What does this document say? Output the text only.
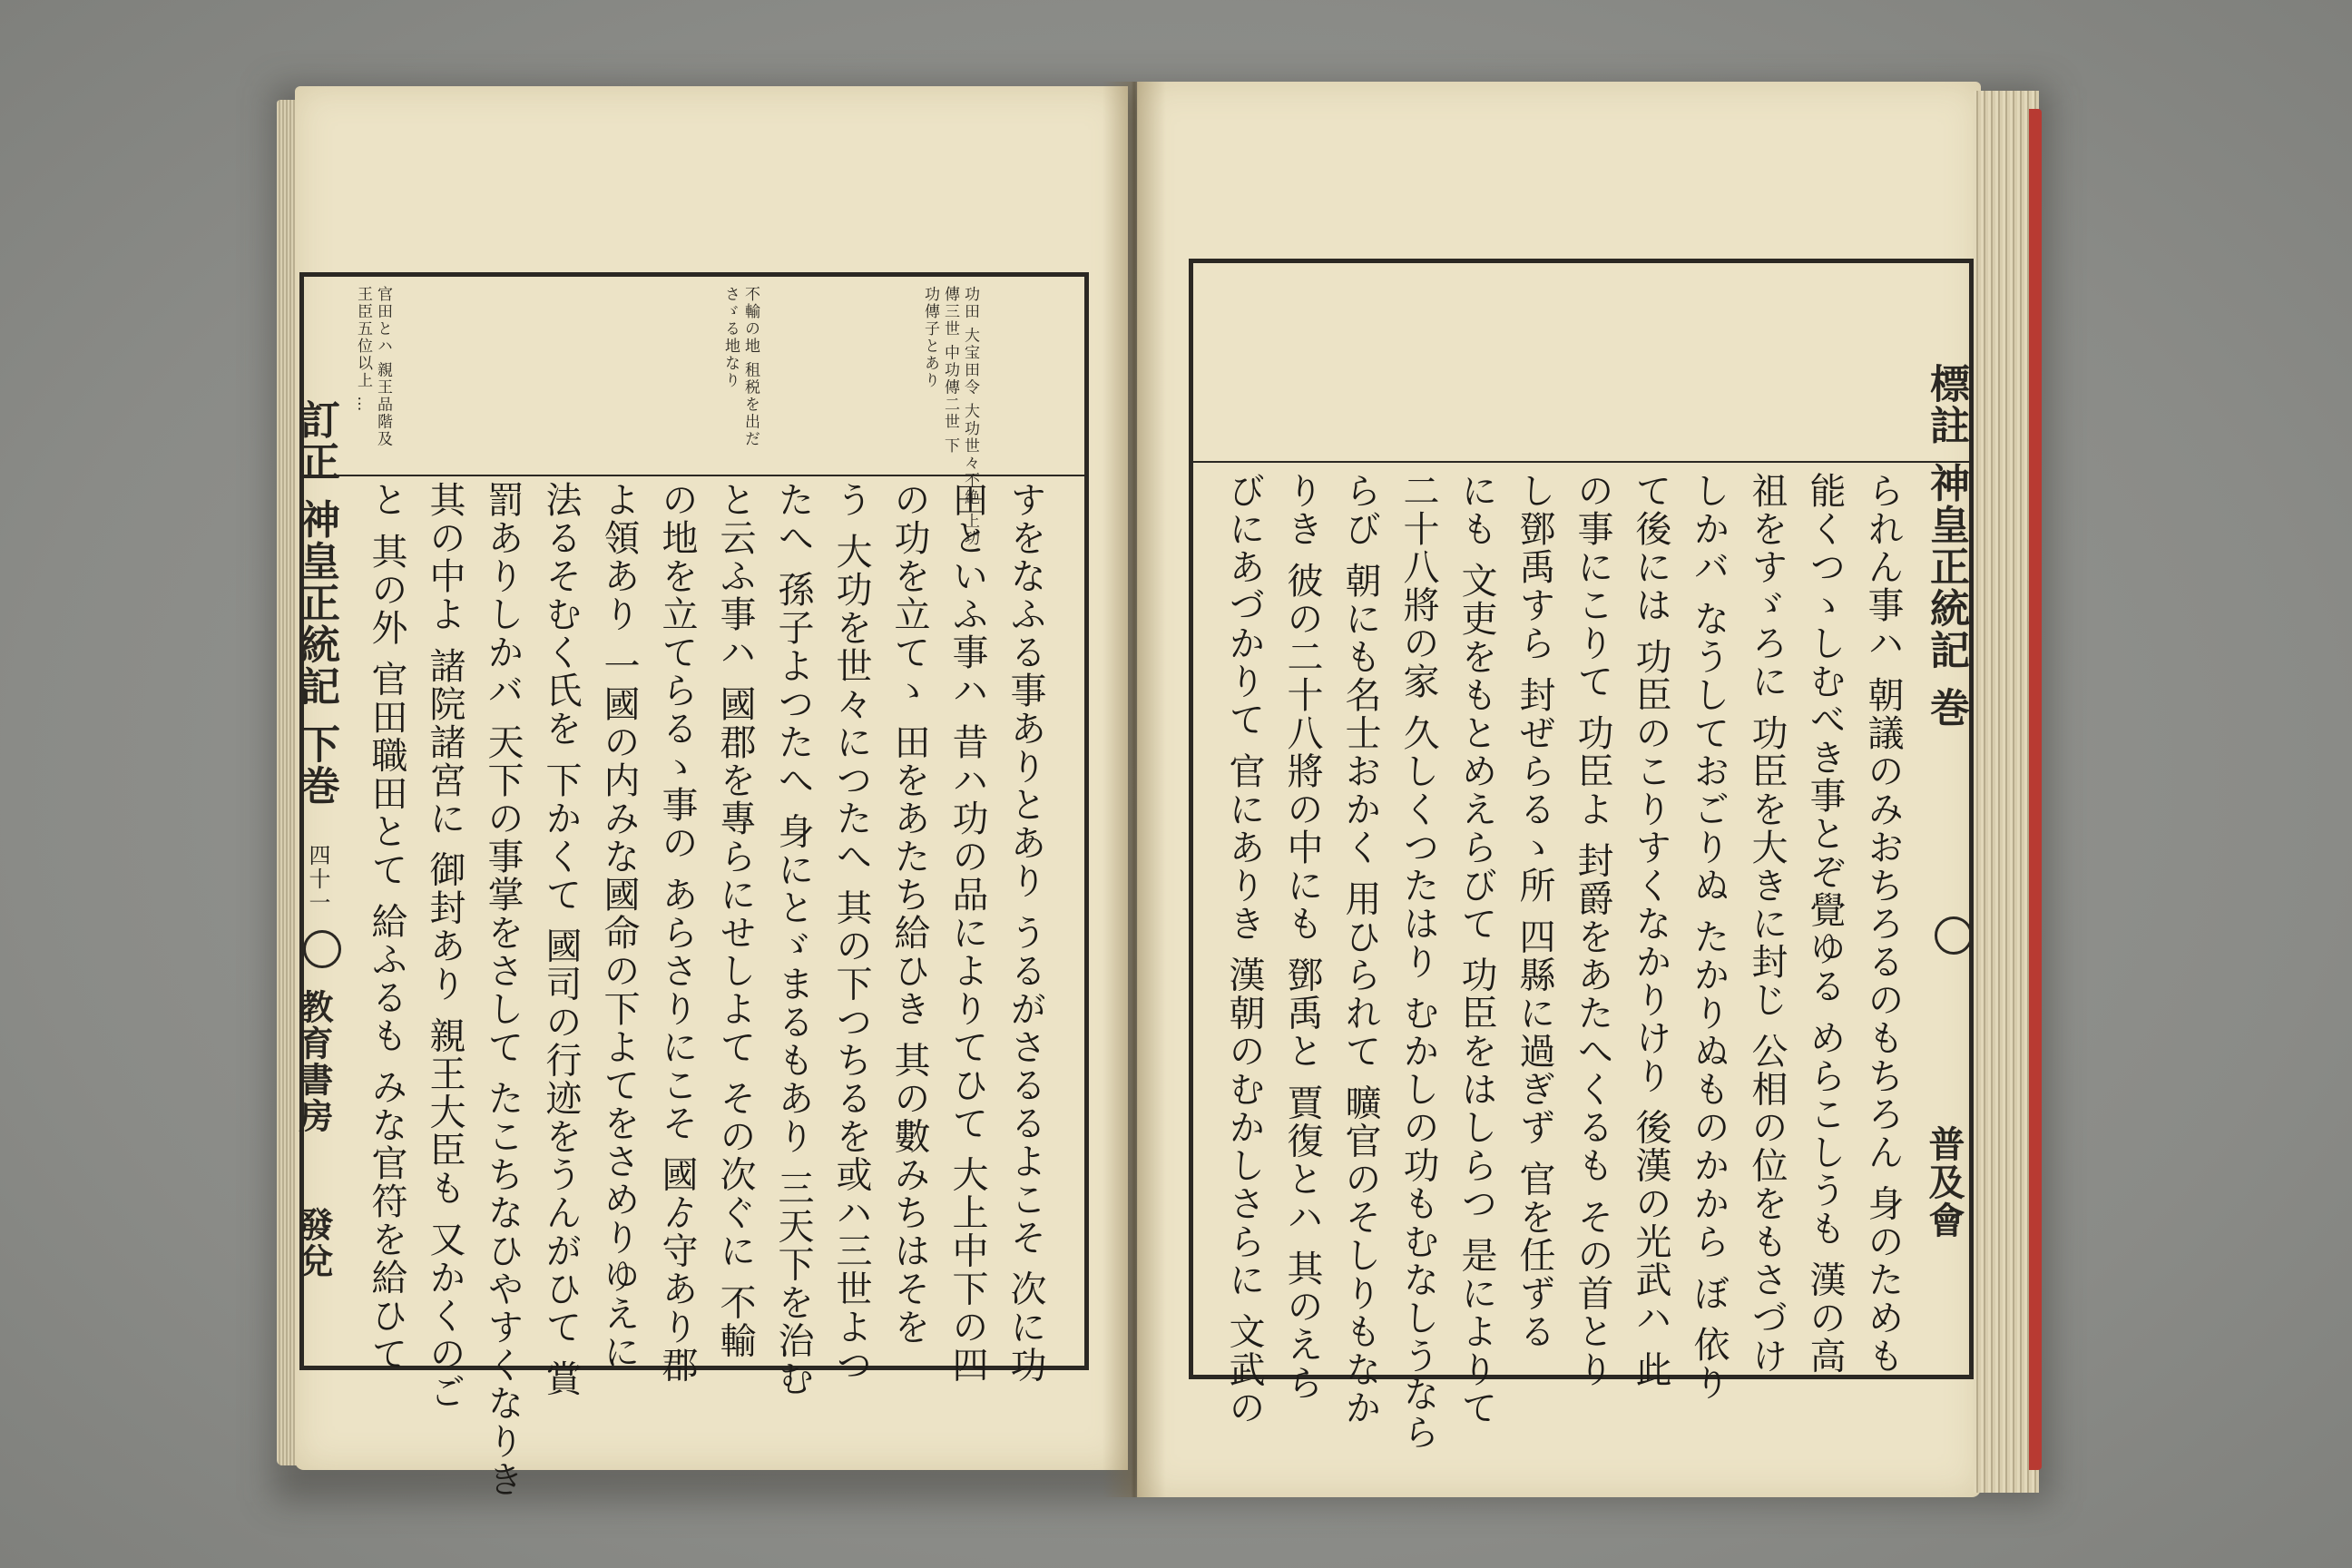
功田 大宝田令 大功世々不絶 上功
傳三世 中功傳二世 下
功傳子とあり
不輸の地 租税を出だ
さゞる地なり
官田とハ 親王品階及
王臣五位以上 …
すをなふる事ありとあり うるがさるるよこそ 次に功
田といふ事ハ 昔ハ功の品によりてひて 大上中下の四
の功を立てゝ 田をあたち給ひき 其の數みちはそを
う 大功を世々につたへ 其の下つちるを或ハ三世よつ
たへ 孫子よつたへ 身にとゞまるもあり 三天下を治む
と云ふ事ハ 國郡を專らにせしよて その次ぐに 不輸
の地を立てらるゝ事の あらさりにこそ 國ゟ守あり郡
よ領あり 一國の内みな國命の下よてをさめりゆえに
法るそむく氏を 下かくて 國司の行迹をうんがひて 賞
罰ありしかバ 天下の事掌をさして たこちなひやすくなりき
其の中よ 諸院諸宮に 御封あり 親王大臣も 又かくのご
と 其の外 官田職田とて 給ふるも みな官符を給ひて
訂正 神皇正統記 下巻
四十一
教育書房
發兌	られん事ハ 朝議のみおちろるのもちろん 身のためも
能くつゝしむべき事とぞ覺ゆる めらこしうも 漢の高
祖をすゞろに 功臣を大きに封じ 公相の位をもさづけ
しかバ なうしておごりぬ たかりぬものかから ぼ 依り
て後には 功臣のこりすくなかりけり 後漢の光武ハ 此
の事にこりて 功臣よ 封爵をあたへくるも その首とり
し鄧禹すら 封ぜらるゝ所 四縣に過ぎず 官を任ずる
にも 文吏をもとめえらびて 功臣をはしらつ 是によりて
二十八將の家 久しくつたはり むかしの功もむなしうなら
らび 朝にも名士おかく 用ひられて 曠官のそしりもなか
りき 彼の二十八將の中にも 鄧禹と 賈復とハ 其のえら
びにあづかりて 官にありき 漢朝のむかしさらに 文武の	標註 神皇正統記 巻
普及會
